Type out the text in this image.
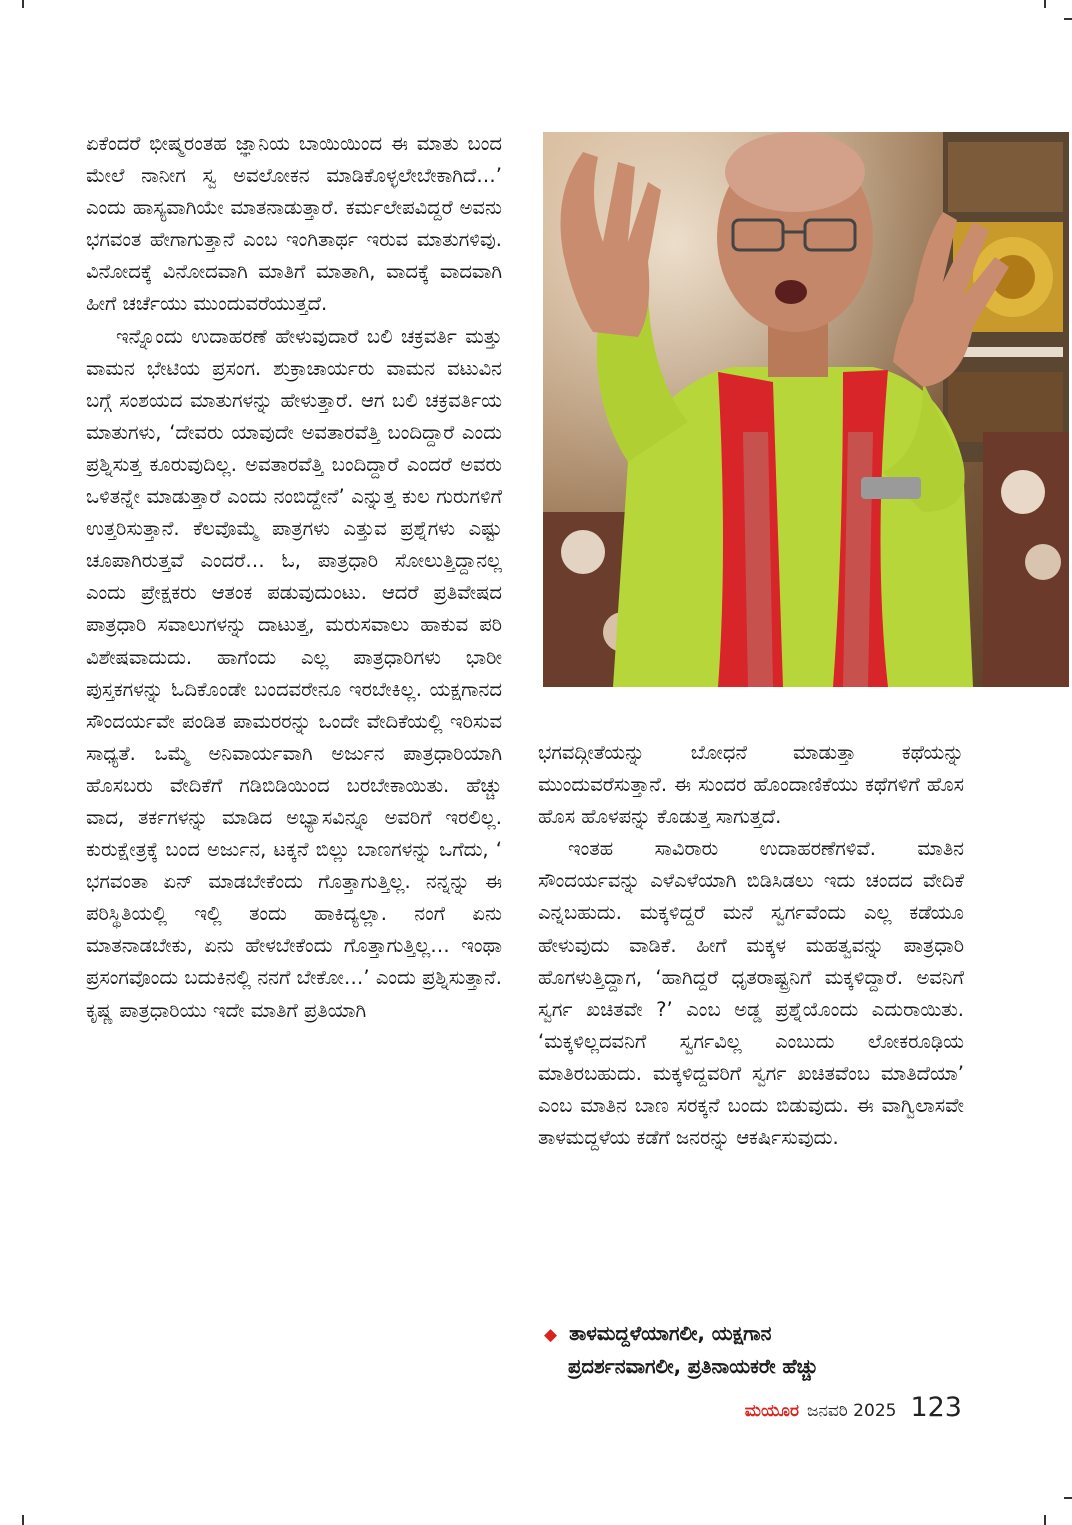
ಏಕೆಂದರೆ ಭೀಷ್ಮರಂತಹ ಜ್ಞಾನಿಯ ಬಾಯಿಯಿಂದ ಈ ಮಾತು ಬಂದ ಮೇಲೆ ನಾನೀಗ ಸ್ವ ಅವಲೋಕನ ಮಾಡಿಕೊಳ್ಳಲೇಬೇಕಾಗಿದೆ…’ ಎಂದು ಹಾಸ್ಯವಾಗಿಯೇ ಮಾತನಾಡುತ್ತಾರೆ. ಕರ್ಮಲೇಪವಿದ್ದರೆ ಅವನು ಭಗವಂತ ಹೇಗಾಗುತ್ತಾನೆ ಎಂಬ ಇಂಗಿತಾರ್ಥ ಇರುವ ಮಾತುಗಳಿವು. ವಿನೋದಕ್ಕೆ ವಿನೋದವಾಗಿ ಮಾತಿಗೆ ಮಾತಾಗಿ, ವಾದಕ್ಕೆ ವಾದವಾಗಿ ಹೀಗೆ ಚರ್ಚೆಯು ಮುಂದುವರೆಯುತ್ತದೆ.

ಇನ್ನೊಂದು ಉದಾಹರಣೆ ಹೇಳುವುದಾರೆ ಬಲಿ ಚಕ್ರವರ್ತಿ ಮತ್ತು ವಾಮನ ಭೇಟಿಯ ಪ್ರಸಂಗ. ಶುಕ್ರಾಚಾರ್ಯರು ವಾಮನ ವಟುವಿನ ಬಗ್ಗೆ ಸಂಶಯದ ಮಾತುಗಳನ್ನು ಹೇಳುತ್ತಾರೆ. ಆಗ ಬಲಿ ಚಕ್ರವರ್ತಿಯ ಮಾತುಗಳು, ‘ದೇವರು ಯಾವುದೇ ಅವತಾರವೆತ್ತಿ ಬಂದಿದ್ದಾರೆ ಎಂದು ಪ್ರಶ್ನಿಸುತ್ತ ಕೂರುವುದಿಲ್ಲ. ಅವತಾರವೆತ್ತಿ ಬಂದಿದ್ದಾರೆ ಎಂದರೆ ಅವರು ಒಳಿತನ್ನೇ ಮಾಡುತ್ತಾರೆ ಎಂದು ನಂಬಿದ್ದೇನೆ’ ಎನ್ನುತ್ತ ಕುಲ ಗುರುಗಳಿಗೆ ಉತ್ತರಿಸುತ್ತಾನೆ. ಕೆಲವೊಮ್ಮೆ ಪಾತ್ರಗಳು ಎತ್ತುವ ಪ್ರಶ್ನೆಗಳು ಎಷ್ಟು ಚೂಪಾಗಿರುತ್ತವೆ ಎಂದರೆ… ಓ, ಪಾತ್ರಧಾರಿ ಸೋಲುತ್ತಿದ್ದಾನಲ್ಲ ಎಂದು ಪ್ರೇಕ್ಷಕರು ಆತಂಕ ಪಡುವುದುಂಟು. ಆದರೆ ಪ್ರತಿವೇಷದ ಪಾತ್ರಧಾರಿ ಸವಾಲುಗಳನ್ನು ದಾಟುತ್ತ, ಮರುಸವಾಲು ಹಾಕುವ ಪರಿ ವಿಶೇಷವಾದುದು. ಹಾಗೆಂದು ಎಲ್ಲ ಪಾತ್ರಧಾರಿಗಳು ಭಾರೀ ಪುಸ್ತಕಗಳನ್ನು ಓದಿಕೊಂಡೇ ಬಂದವರೇನೂ ಇರಬೇಕಿಲ್ಲ. ಯಕ್ಷಗಾನದ ಸೌಂದರ್ಯವೇ ಪಂಡಿತ ಪಾಮರರನ್ನು ಒಂದೇ ವೇದಿಕೆಯಲ್ಲಿ ಇರಿಸುವ ಸಾಧ್ಯತೆ. ಒಮ್ಮೆ ಅನಿವಾರ್ಯವಾಗಿ ಅರ್ಜುನ ಪಾತ್ರಧಾರಿಯಾಗಿ ಹೊಸಬರು ವೇದಿಕೆಗೆ ಗಡಿಬಿಡಿಯಿಂದ ಬರಬೇಕಾಯಿತು. ಹೆಚ್ಚು ವಾದ, ತರ್ಕಗಳನ್ನು ಮಾಡಿದ ಅಭ್ಯಾಸವಿನ್ನೂ ಅವರಿಗೆ ಇರಲಿಲ್ಲ. ಕುರುಕ್ಷೇತ್ರಕ್ಕೆ ಬಂದ ಅರ್ಜುನ, ಟಕ್ಕನೆ ಬಿಲ್ಲು ಬಾಣಗಳನ್ನು ಒಗೆದು, ‘ ಭಗವಂತಾ ಏನ್ ಮಾಡಬೇಕೆಂದು ಗೊತ್ತಾಗುತ್ತಿಲ್ಲ. ನನ್ನನ್ನು ಈ ಪರಿಸ್ಥಿತಿಯಲ್ಲಿ ಇಲ್ಲಿ ತಂದು ಹಾಕಿದ್ಯಲ್ಲಾ. ನಂಗೆ ಏನು ಮಾತನಾಡಬೇಕು, ಏನು ಹೇಳಬೇಕೆಂದು ಗೊತ್ತಾಗುತ್ತಿಲ್ಲ… ಇಂಥಾ ಪ್ರಸಂಗವೊಂದು ಬದುಕಿನಲ್ಲಿ ನನಗೆ ಬೇಕೋ…’ ಎಂದು ಪ್ರಶ್ನಿಸುತ್ತಾನೆ. ಕೃಷ್ಣ ಪಾತ್ರಧಾರಿಯು ಇದೇ ಮಾತಿಗೆ ಪ್ರತಿಯಾಗಿ

ಭಗವದ್ಗೀತೆಯನ್ನು ಬೋಧನೆ ಮಾಡುತ್ತಾ ಕಥೆಯನ್ನು ಮುಂದುವರೆಸುತ್ತಾನೆ. ಈ ಸುಂದರ ಹೊಂದಾಣಿಕೆಯು ಕಥೆಗಳಿಗೆ ಹೊಸ ಹೊಸ ಹೊಳಪನ್ನು ಕೊಡುತ್ತ ಸಾಗುತ್ತದೆ.

ಇಂತಹ ಸಾವಿರಾರು ಉದಾಹರಣೆಗಳಿವೆ. ಮಾತಿನ ಸೌಂದರ್ಯವನ್ನು ಎಳೆಎಳೆಯಾಗಿ ಬಿಡಿಸಿಡಲು ಇದು ಚಂದದ ವೇದಿಕೆ ಎನ್ನಬಹುದು. ಮಕ್ಕಳಿದ್ದರೆ ಮನೆ ಸ್ವರ್ಗವೆಂದು ಎಲ್ಲ ಕಡೆಯೂ ಹೇಳುವುದು ವಾಡಿಕೆ. ಹೀಗೆ ಮಕ್ಕಳ ಮಹತ್ವವನ್ನು ಪಾತ್ರಧಾರಿ ಹೊಗಳುತ್ತಿದ್ದಾಗ, ‘ಹಾಗಿದ್ದರೆ ಧೃತರಾಷ್ಟ್ರನಿಗೆ ಮಕ್ಕಳಿದ್ದಾರೆ. ಅವನಿಗೆ ಸ್ವರ್ಗ ಖಚಿತವೇ ?’ ಎಂಬ ಅಡ್ಡ ಪ್ರಶ್ನೆಯೊಂದು ಎದುರಾಯಿತು. ‘ಮಕ್ಕಳಿಲ್ಲದವನಿಗೆ ಸ್ವರ್ಗವಿಲ್ಲ ಎಂಬುದು ಲೋಕರೂಢಿಯ ಮಾತಿರಬಹುದು. ಮಕ್ಕಳಿದ್ದವರಿಗೆ ಸ್ವರ್ಗ ಖಚಿತವೆಂಬ ಮಾತಿದೆಯಾ’ ಎಂಬ ಮಾತಿನ ಬಾಣ ಸರಕ್ಕನೆ ಬಂದು ಬಿಡುವುದು. ಈ ವಾಗ್ವಿಲಾಸವೇ ತಾಳಮದ್ದಳೆಯ ಕಡೆಗೆ ಜನರನ್ನು ಆಕರ್ಷಿಸುವುದು.

◆ ತಾಳಮದ್ದಳೆಯಾಗಲೀ, ಯಕ್ಷಗಾನ
ಪ್ರದರ್ಶನವಾಗಲೀ, ಪ್ರತಿನಾಯಕರೇ ಹೆಚ್ಚು
ಮಯೂರ ಜನವರಿ 2025 123
